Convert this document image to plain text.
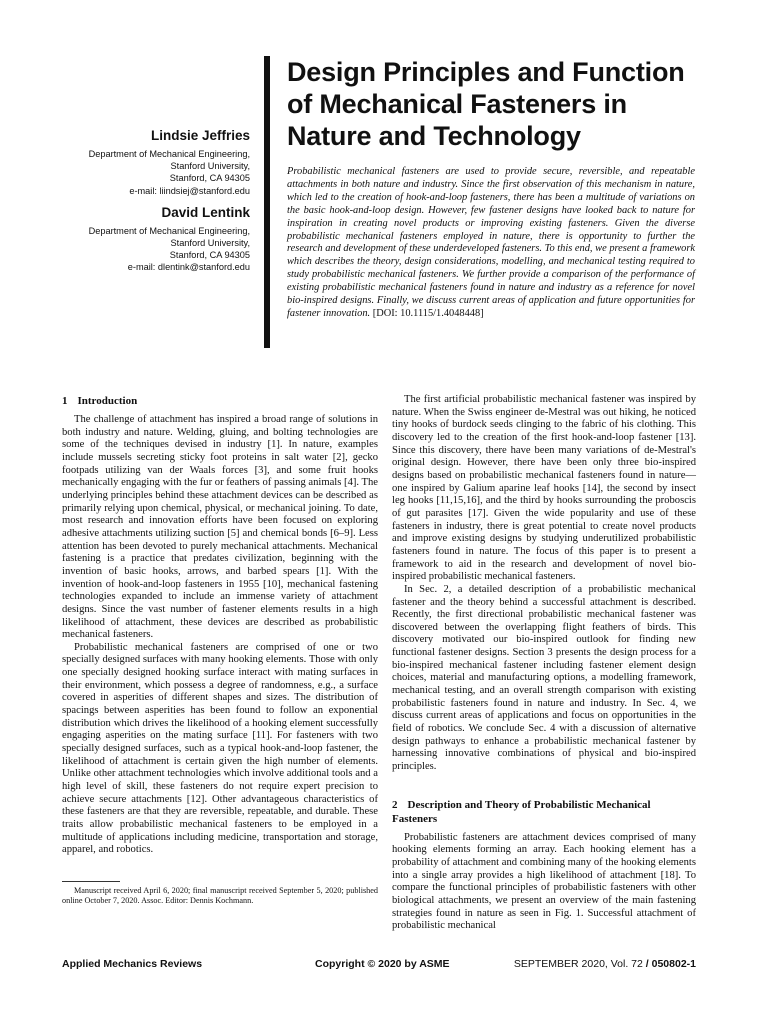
Lindsie Jeffries

Department of Mechanical Engineering,
Stanford University,
Stanford, CA 94305
e-mail: liindsiej@stanford.edu

David Lentink

Department of Mechanical Engineering,
Stanford University,
Stanford, CA 94305
e-mail: dlentink@stanford.edu

Design Principles and Function of Mechanical Fasteners in Nature and Technology

Probabilistic mechanical fasteners are used to provide secure, reversible, and repeatable attachments in both nature and industry. Since the first observation of this mechanism in nature, which led to the creation of hook-and-loop fasteners, there has been a multitude of variations on the basic hook-and-loop design. However, few fastener designs have looked back to nature for inspiration in creating novel products or improving existing fasteners. Given the diverse probabilistic mechanical fasteners employed in nature, there is opportunity to further the research and development of these underdeveloped fasteners. To this end, we present a framework which describes the theory, design considerations, modelling, and mechanical testing required to study probabilistic mechanical fasteners. We further provide a comparison of the performance of existing probabilistic mechanical fasteners found in nature and industry as a reference for novel bio-inspired designs. Finally, we discuss current areas of application and future opportunities for fastener innovation. [DOI: 10.1115/1.4048448]

1 Introduction

The challenge of attachment has inspired a broad range of solutions in both industry and nature. Welding, gluing, and bolting technologies are some of the techniques devised in industry [1]. In nature, examples include mussels secreting sticky foot proteins in salt water [2], gecko footpads utilizing van der Waals forces [3], and some fruit hooks mechanically engaging with the fur or feathers of passing animals [4]. The underlying principles behind these attachment devices can be described as primarily relying upon chemical, physical, or mechanical joining. To date, most research and innovation efforts have been focused on exploring adhesive attachments utilizing suction [5] and chemical bonds [6–9]. Less attention has been devoted to purely mechanical attachments. Mechanical fastening is a practice that predates civilization, beginning with the invention of basic hooks, arrows, and barbed spears [1]. With the invention of hook-and-loop fasteners in 1955 [10], mechanical fastening technologies expanded to include an immense variety of attachment designs. Since the vast number of fastener elements results in a high likelihood of attachment, these devices are described as probabilistic mechanical fasteners.

Probabilistic mechanical fasteners are comprised of one or two specially designed surfaces with many hooking elements. Those with only one specially designed hooking surface interact with mating surfaces in their environment, which possess a degree of randomness, e.g., a surface covered in asperities of different shapes and sizes. The distribution of spacings between asperities has been found to follow an exponential distribution which drives the likelihood of a hooking element successfully engaging asperities on the mating surface [11]. For fasteners with two specially designed surfaces, such as a typical hook-and-loop fastener, the likelihood of attachment is certain given the high number of elements. Unlike other attachment technologies which involve additional tools and a high level of skill, these fasteners do not require expert precision to achieve secure attachments [12]. Other advantageous characteristics of these fasteners are that they are reversible, repeatable, and durable. These traits allow probabilistic mechanical fasteners to be employed in a multitude of applications including medicine, transportation and storage, apparel, and robotics.

Manuscript received April 6, 2020; final manuscript received September 5, 2020; published online October 7, 2020. Assoc. Editor: Dennis Kochmann.

The first artificial probabilistic mechanical fastener was inspired by nature. When the Swiss engineer de-Mestral was out hiking, he noticed tiny hooks of burdock seeds clinging to the fabric of his clothing. This discovery led to the creation of the first hook-and-loop fastener [13]. Since this discovery, there have been many variations of de-Mestral's original design. However, there have been only three bio-inspired designs based on probabilistic mechanical fasteners found in nature—one inspired by Galium aparine leaf hooks [14], the second by insect leg hooks [11,15,16], and the third by hooks surrounding the proboscis of gut parasites [17]. Given the wide popularity and use of these fasteners in industry, there is great potential to create novel products and improve existing designs by studying underutilized probabilistic fasteners found in nature. The focus of this paper is to present a framework to aid in the research and development of novel bio-inspired probabilistic mechanical fasteners.

In Sec. 2, a detailed description of a probabilistic mechanical fastener and the theory behind a successful attachment is described. Recently, the first directional probabilistic mechanical fastener was discovered between the overlapping flight feathers of birds. This discovery motivated our bio-inspired outlook for finding new functional fastener designs. Section 3 presents the design process for a bio-inspired mechanical fastener including fastener element design choices, material and manufacturing options, a modelling framework, mechanical testing, and an overall strength comparison with existing probabilistic fasteners found in nature and industry. In Sec. 4, we discuss current areas of applications and focus on opportunities in the field of robotics. We conclude Sec. 4 with a discussion of alternative design pathways to enhance a probabilistic mechanical fastener by harnessing innovative combinations of physical and bio-inspired principles.

2 Description and Theory of Probabilistic Mechanical Fasteners

Probabilistic fasteners are attachment devices comprised of many hooking elements forming an array. Each hooking element has a probability of attachment and combining many of the hooking elements into a single array provides a high likelihood of attachment [18]. To compare the functional principles of probabilistic fasteners with other biological attachments, we present an overview of the main fastening strategies found in nature as seen in Fig. 1. Successful attachment of probabilistic mechanical

Applied Mechanics Reviews	Copyright © 2020 by ASME	SEPTEMBER 2020, Vol. 72 / 050802-1
